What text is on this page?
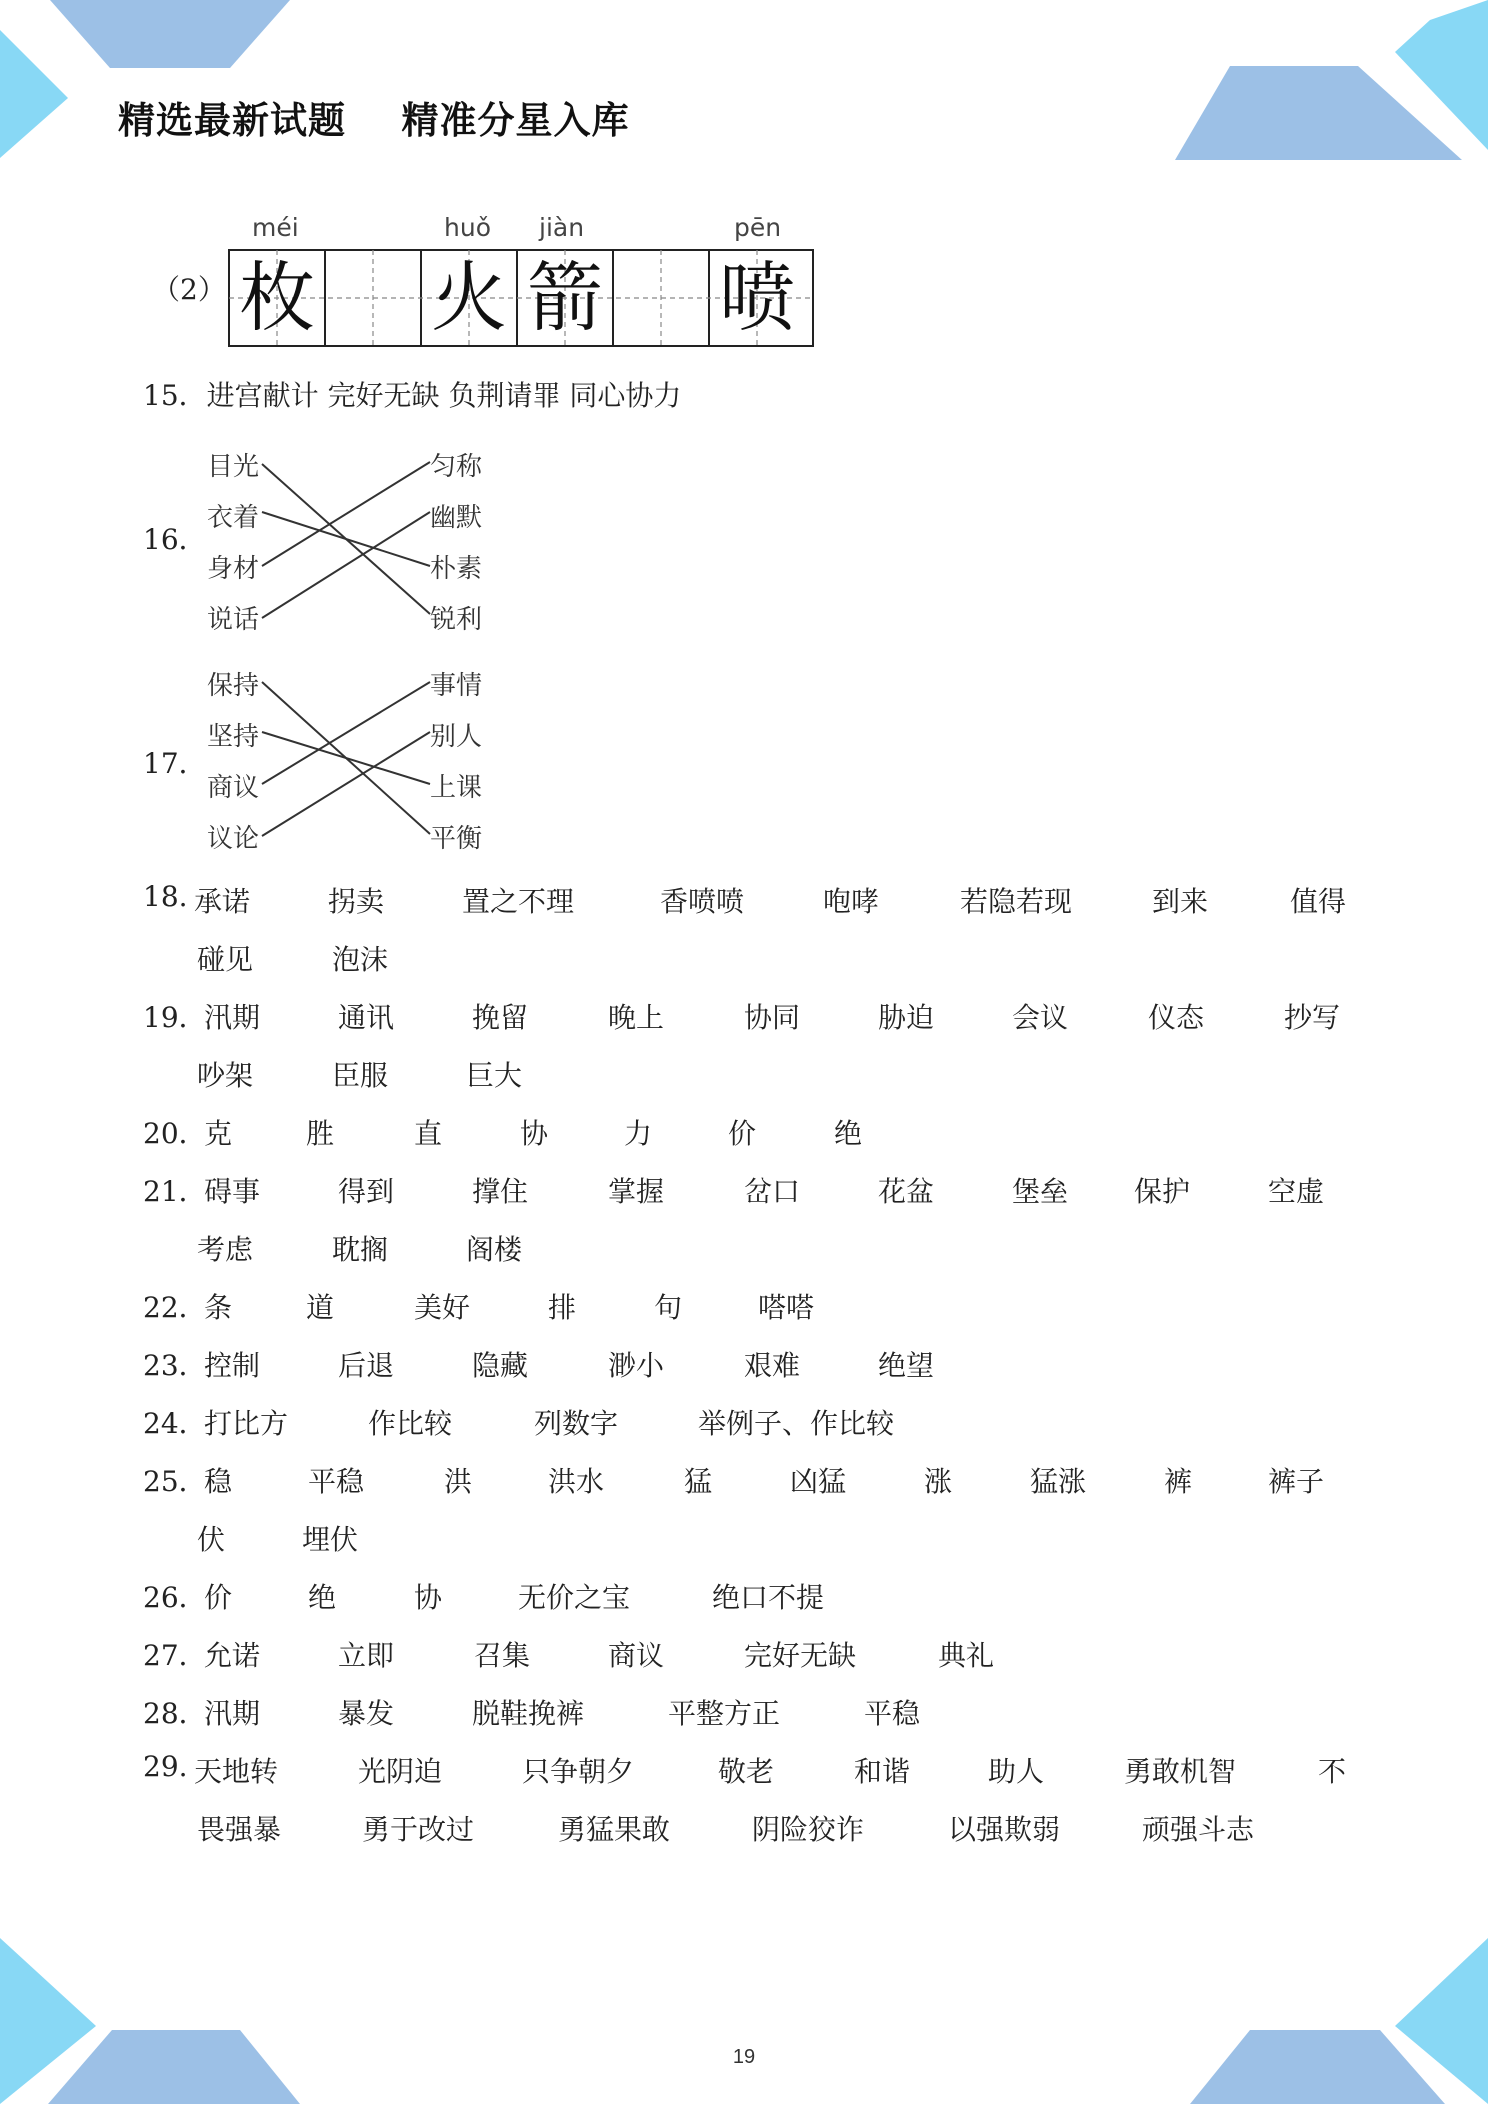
精选最新试题    精准分星入库
（2）
méi	huǒ jiàn	pēn
枚 火 箭 喷
15．进宫献计 完好无缺 负荆请罪 同心协力
16．
目光
衣着
身材
说话
匀称
幽默
朴素
锐利
17．
保持
坚持
商议
议论
事情
别人
上课
平衡
18. 承诺	拐卖	置之不理	香喷喷	咆哮	若隐若现	到来	值得
碰见	泡沫
19．
汛期	通讯	挽留	晚上	协同	胁迫	会议	仪态	抄写
吵架	臣服	巨大
20．
克	胜	直	协	力	价	绝
21．
碍事	得到	撑住	掌握	岔口	花盆	堡垒 保护	空虚
考虑	耽搁	阁楼
22．
条	道	美好	排	句	嗒嗒
23．
控制	后退	隐藏	渺小	艰难	绝望
24．
打比方	作比较	列数字	举例子、作比较
25．
稳	平稳	洪	洪水	猛	凶猛	涨	猛涨	裤	裤子
伏	埋伏
26．
价	绝	协	无价之宝	绝口不提
27．
允诺	立即	召集	商议	完好无缺	典礼
28．
汛期	暴发	脱鞋挽裤	平整方正	平稳
29. 天地转	光阴迫	只争朝夕	敬老	和谐	助人	勇敢机智	不
畏强暴	勇于改过	勇猛果敢	阴险狡诈	以强欺弱	顽强斗志
19
